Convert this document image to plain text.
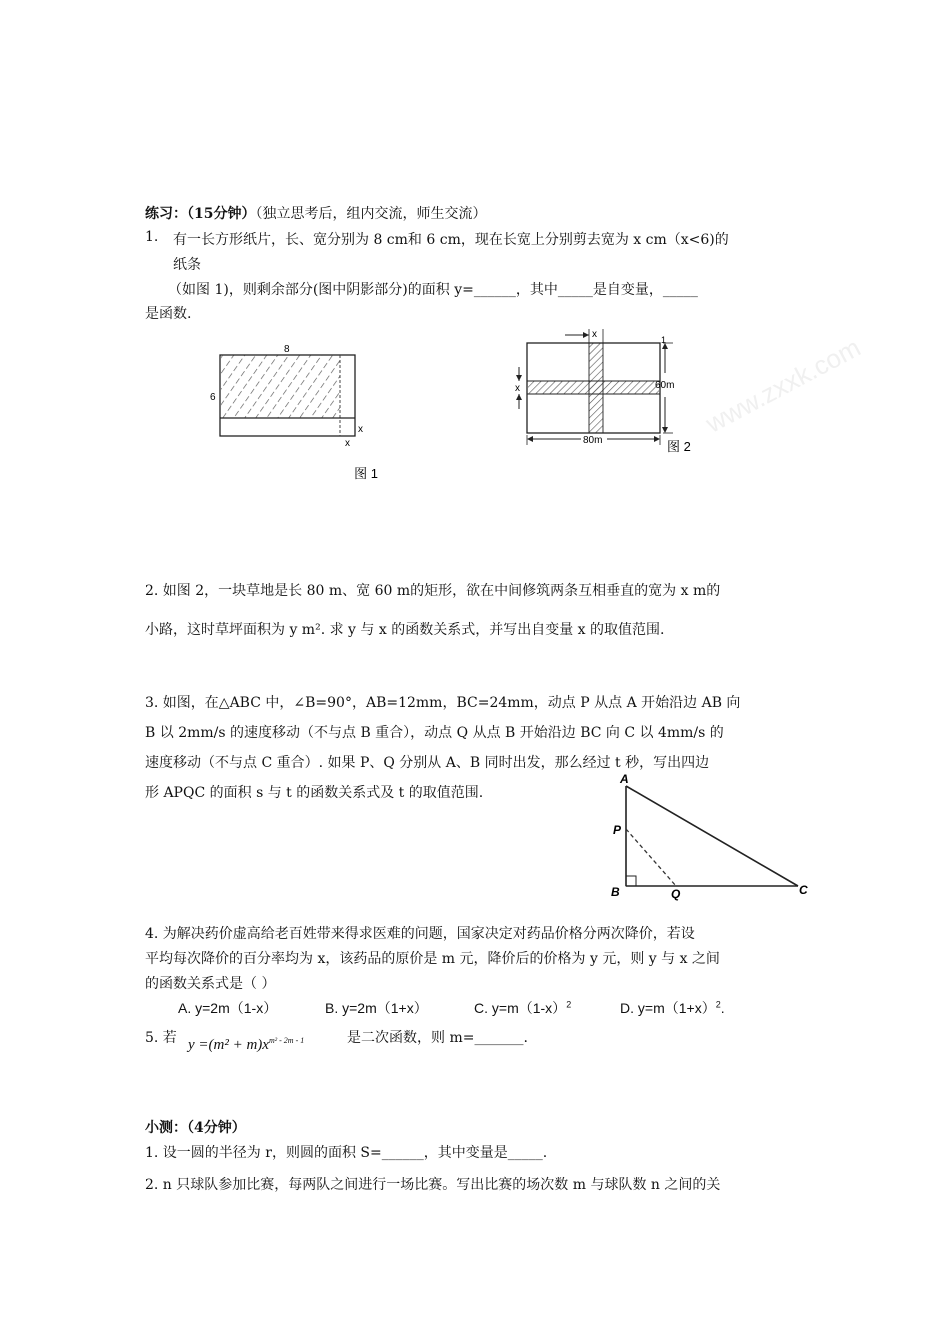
练习：（15分钟）（独立思考后，组内交流，师生交流）
1. 有一长方形纸片，长、宽分别为 8 cm和 6 cm，现在长宽上分别剪去宽为 x cm（x<6)的
纸条
（如图 1)，则剩余部分(图中阴影部分)的面积 y=______，其中_____是自变量，_____
是函数.
8
6
x
x
图 1
www.zxxk.com
x
x
1
60m
80m	图 2
2. 如图 2，一块草地是长 80 m、宽 60 m的矩形，欲在中间修筑两条互相垂直的宽为 x m的
小路，这时草坪面积为 y m². 求 y 与 x 的函数关系式，并写出自变量 x 的取值范围.
3. 如图，在△ABC 中，∠B=90°，AB=12mm，BC=24mm，动点 P 从点 A 开始沿边 AB 向
B 以 2mm/s 的速度移动（不与点 B 重合），动点 Q 从点 B 开始沿边 BC 向 C 以 4mm/s 的
速度移动（不与点 C 重合）. 如果 P、Q 分别从 A、B 同时出发，那么经过 t 秒，写出四边
形 APQC 的面积 s 与 t 的函数关系式及 t 的取值范围.
A
P
B	Q	C
4. 为解决药价虚高给老百姓带来得求医难的问题，国家决定对药品价格分两次降价，若设
平均每次降价的百分率均为 x，该药品的原价是 m 元，降价后的价格为 y 元，则 y 与 x 之间
的函数关系式是（ ）
A. y=2m（1-x）	B. y=2m（1+x）	C. $y=m(1-x)^2$	D. $y=m(1+x)^2$.
5. 若 $y =(m^2 + m)x^{m^2 - 2m - 1}$	是二次函数，则 m=_______.
小测：（4分钟）
1. 设一圆的半径为 r，则圆的面积 S=______，其中变量是_____.
2. n 只球队参加比赛，每两队之间进行一场比赛。写出比赛的场次数 m 与球队数 n 之间的关
